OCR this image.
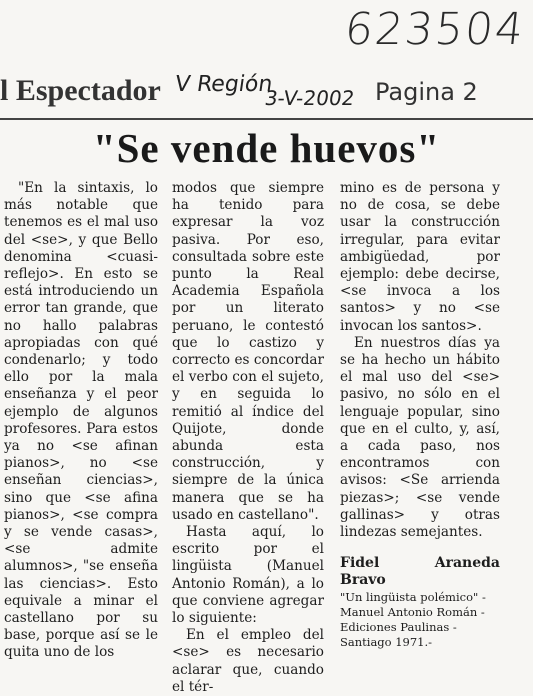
623504
l Espectador V Región
3-V-2002 Pagina 2
"Se vende huevos"

"En la sintaxis, lo más notable que tenemos es el mal uso del <se>, y que Bello denomina <cuasi-reflejo>. En esto se está introduciendo un error tan grande, que no hallo palabras apropiadas con qué condenarlo; y todo ello por la mala enseñanza y el peor ejemplo de algunos profesores. Para estos ya no <se afinan pianos>, no <se enseñan ciencias>, sino que <se afina pianos>, <se compra y se vende casas>, <se admite alumnos>, "se enseña las ciencias>. Esto equivale a minar el castellano por su base, porque así se le quita uno de los

modos que siempre ha tenido para expresar la voz pasiva. Por eso, consultada sobre este punto la Real Academia Española por un literato peruano, le contestó que lo castizo y correcto es concordar el verbo con el sujeto, y en seguida lo remitió al índice del Quijote, donde abunda esta construcción, y siempre de la única manera que se ha usado en castellano".

Hasta aquí, lo escrito por el lingüista (Manuel Antonio Román), a lo que conviene agregar lo siguiente:

En el empleo del <se> es necesario aclarar que, cuando el tér-

mino es de persona y no de cosa, se debe usar la construcción irregular, para evitar ambigüedad, por ejemplo: debe decirse, <se invoca a los santos> y no <se invocan los santos>.

En nuestros días ya se ha hecho un hábito el mal uso del <se> pasivo, no sólo en el lenguaje popular, sino que en el culto, y, así, a cada paso, nos encontramos con avisos: <Se arrienda piezas>; <se vende gallinas> y otras lindezas semejantes.

Fidel Araneda Bravo

"Un lingüista polémico" - Manuel Antonio Román - Ediciones Paulinas - Santiago 1971.-
